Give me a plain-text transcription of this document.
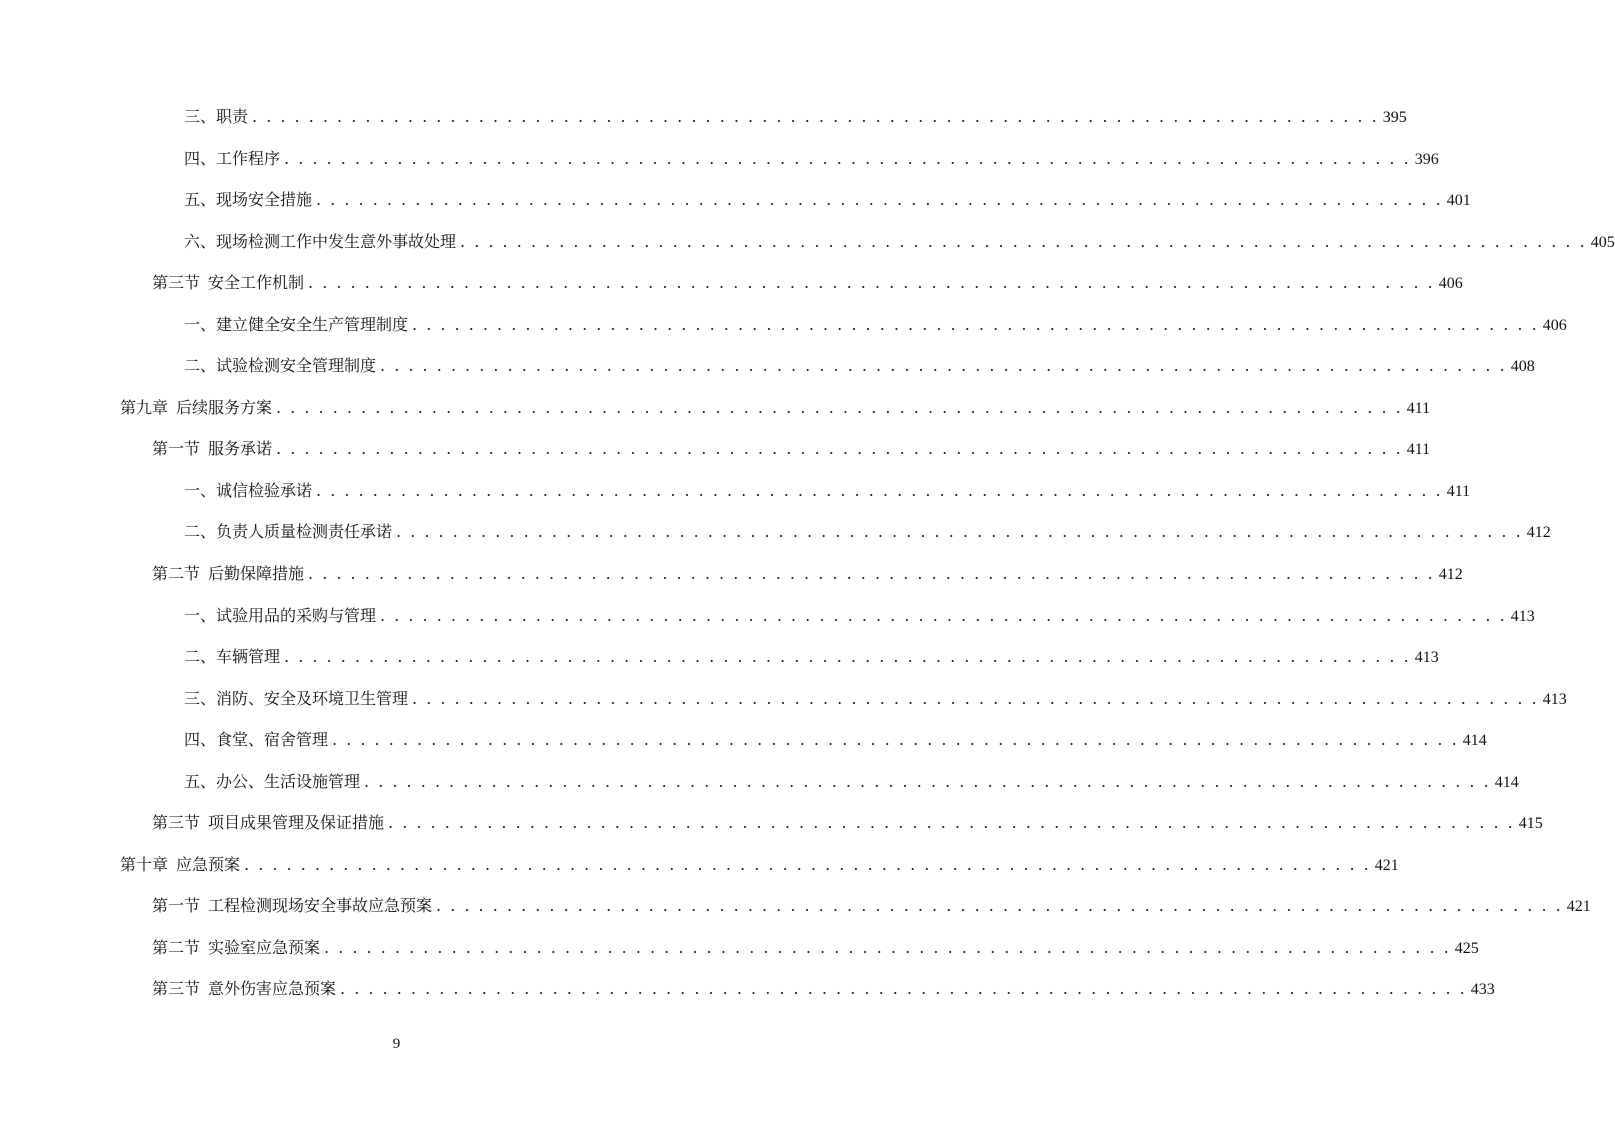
三、职责 . . . . . . . . . . . . . . . . . . . . . . . . . . . . . . . . . . . . . . . . . . . . . . . . . . . . . . . . . . . . . . . . . . . . . . . . . . . . . . . . 395
四、工作程序 . . . . . . . . . . . . . . . . . . . . . . . . . . . . . . . . . . . . . . . . . . . . . . . . . . . . . . . . . . . . . . . . . . . . . . . . . . . . . . . . 396
五、现场安全措施 . . . . . . . . . . . . . . . . . . . . . . . . . . . . . . . . . . . . . . . . . . . . . . . . . . . . . . . . . . . . . . . . . . . . . . . . . . . . . . . . 401
六、现场检测工作中发生意外事故处理 . . . . . . . . . . . . . . . . . . . . . . . . . . . . . . . . . . . . . . . . . . . . . . . . . . . . . . . . . . . . . . . . . . . . . . . . . . . . . . . . 405
第三节 安全工作机制 . . . . . . . . . . . . . . . . . . . . . . . . . . . . . . . . . . . . . . . . . . . . . . . . . . . . . . . . . . . . . . . . . . . . . . . . . . . . . . . . 406
一、建立健全安全生产管理制度 . . . . . . . . . . . . . . . . . . . . . . . . . . . . . . . . . . . . . . . . . . . . . . . . . . . . . . . . . . . . . . . . . . . . . . . . . . . . . . . . 406
二、试验检测安全管理制度 . . . . . . . . . . . . . . . . . . . . . . . . . . . . . . . . . . . . . . . . . . . . . . . . . . . . . . . . . . . . . . . . . . . . . . . . . . . . . . . . 408
第九章 后续服务方案 . . . . . . . . . . . . . . . . . . . . . . . . . . . . . . . . . . . . . . . . . . . . . . . . . . . . . . . . . . . . . . . . . . . . . . . . . . . . . . . . 411
第一节 服务承诺 . . . . . . . . . . . . . . . . . . . . . . . . . . . . . . . . . . . . . . . . . . . . . . . . . . . . . . . . . . . . . . . . . . . . . . . . . . . . . . . . 411
一、诚信检验承诺 . . . . . . . . . . . . . . . . . . . . . . . . . . . . . . . . . . . . . . . . . . . . . . . . . . . . . . . . . . . . . . . . . . . . . . . . . . . . . . . . 411
二、负责人质量检测责任承诺 . . . . . . . . . . . . . . . . . . . . . . . . . . . . . . . . . . . . . . . . . . . . . . . . . . . . . . . . . . . . . . . . . . . . . . . . . . . . . . . . 412
第二节 后勤保障措施 . . . . . . . . . . . . . . . . . . . . . . . . . . . . . . . . . . . . . . . . . . . . . . . . . . . . . . . . . . . . . . . . . . . . . . . . . . . . . . . . 412
一、试验用品的采购与管理 . . . . . . . . . . . . . . . . . . . . . . . . . . . . . . . . . . . . . . . . . . . . . . . . . . . . . . . . . . . . . . . . . . . . . . . . . . . . . . . . 413
二、车辆管理 . . . . . . . . . . . . . . . . . . . . . . . . . . . . . . . . . . . . . . . . . . . . . . . . . . . . . . . . . . . . . . . . . . . . . . . . . . . . . . . . 413
三、消防、安全及环境卫生管理 . . . . . . . . . . . . . . . . . . . . . . . . . . . . . . . . . . . . . . . . . . . . . . . . . . . . . . . . . . . . . . . . . . . . . . . . . . . . . . . . 413
四、食堂、宿舍管理 . . . . . . . . . . . . . . . . . . . . . . . . . . . . . . . . . . . . . . . . . . . . . . . . . . . . . . . . . . . . . . . . . . . . . . . . . . . . . . . . 414
五、办公、生活设施管理 . . . . . . . . . . . . . . . . . . . . . . . . . . . . . . . . . . . . . . . . . . . . . . . . . . . . . . . . . . . . . . . . . . . . . . . . . . . . . . . . 414
第三节 项目成果管理及保证措施 . . . . . . . . . . . . . . . . . . . . . . . . . . . . . . . . . . . . . . . . . . . . . . . . . . . . . . . . . . . . . . . . . . . . . . . . . . . . . . . . 415
第十章 应急预案 . . . . . . . . . . . . . . . . . . . . . . . . . . . . . . . . . . . . . . . . . . . . . . . . . . . . . . . . . . . . . . . . . . . . . . . . . . . . . . . . 421
第一节 工程检测现场安全事故应急预案 . . . . . . . . . . . . . . . . . . . . . . . . . . . . . . . . . . . . . . . . . . . . . . . . . . . . . . . . . . . . . . . . . . . . . . . . . . . . . . . . 421
第二节 实验室应急预案 . . . . . . . . . . . . . . . . . . . . . . . . . . . . . . . . . . . . . . . . . . . . . . . . . . . . . . . . . . . . . . . . . . . . . . . . . . . . . . . . 425
第三节 意外伤害应急预案 . . . . . . . . . . . . . . . . . . . . . . . . . . . . . . . . . . . . . . . . . . . . . . . . . . . . . . . . . . . . . . . . . . . . . . . . . . . . . . . . 433
9
